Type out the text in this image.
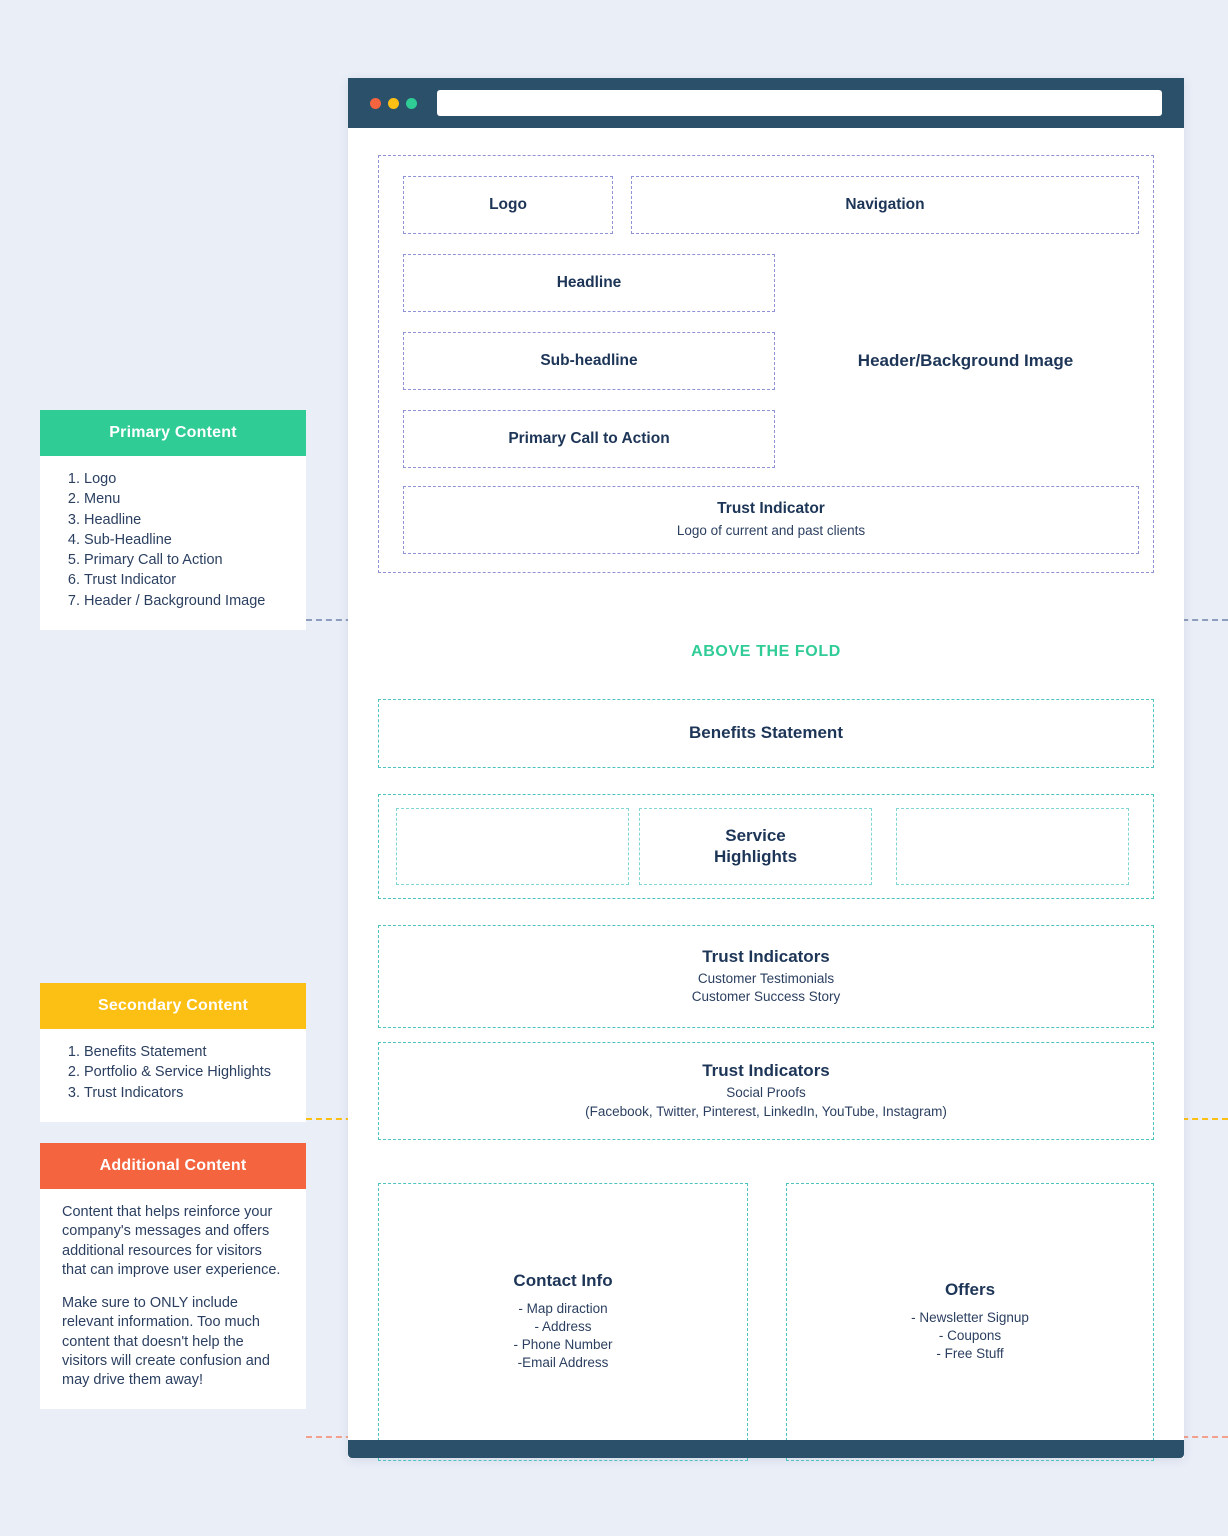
Primary Content
1. Logo
2. Menu
3. Headline
4. Sub-Headline
5. Primary Call to Action
6. Trust Indicator
7. Header / Background Image
Secondary Content
1. Benefits Statement
2. Portfolio & Service Highlights
3. Trust Indicators
Additional Content

Content that helps reinforce your company's messages and offers additional resources for visitors that can improve user experience.

Make sure to ONLY include relevant information. Too much content that doesn't help the visitors will create confusion and may drive them away!

Logo	Navigation
Headline
Sub-headline
Primary Call to Action
Header/Background Image
Trust Indicator
Logo of current and past clients
ABOVE THE FOLD
Benefits Statement
Service
Highlights
Trust Indicators
Customer Testimonials
Customer Success Story
Trust Indicators
Social Proofs
(Facebook, Twitter, Pinterest, LinkedIn, YouTube, Instagram)
Contact Info
- Map diraction
- Address
- Phone Number
-Email Address
Offers
- Newsletter Signup
- Coupons
- Free Stuff
